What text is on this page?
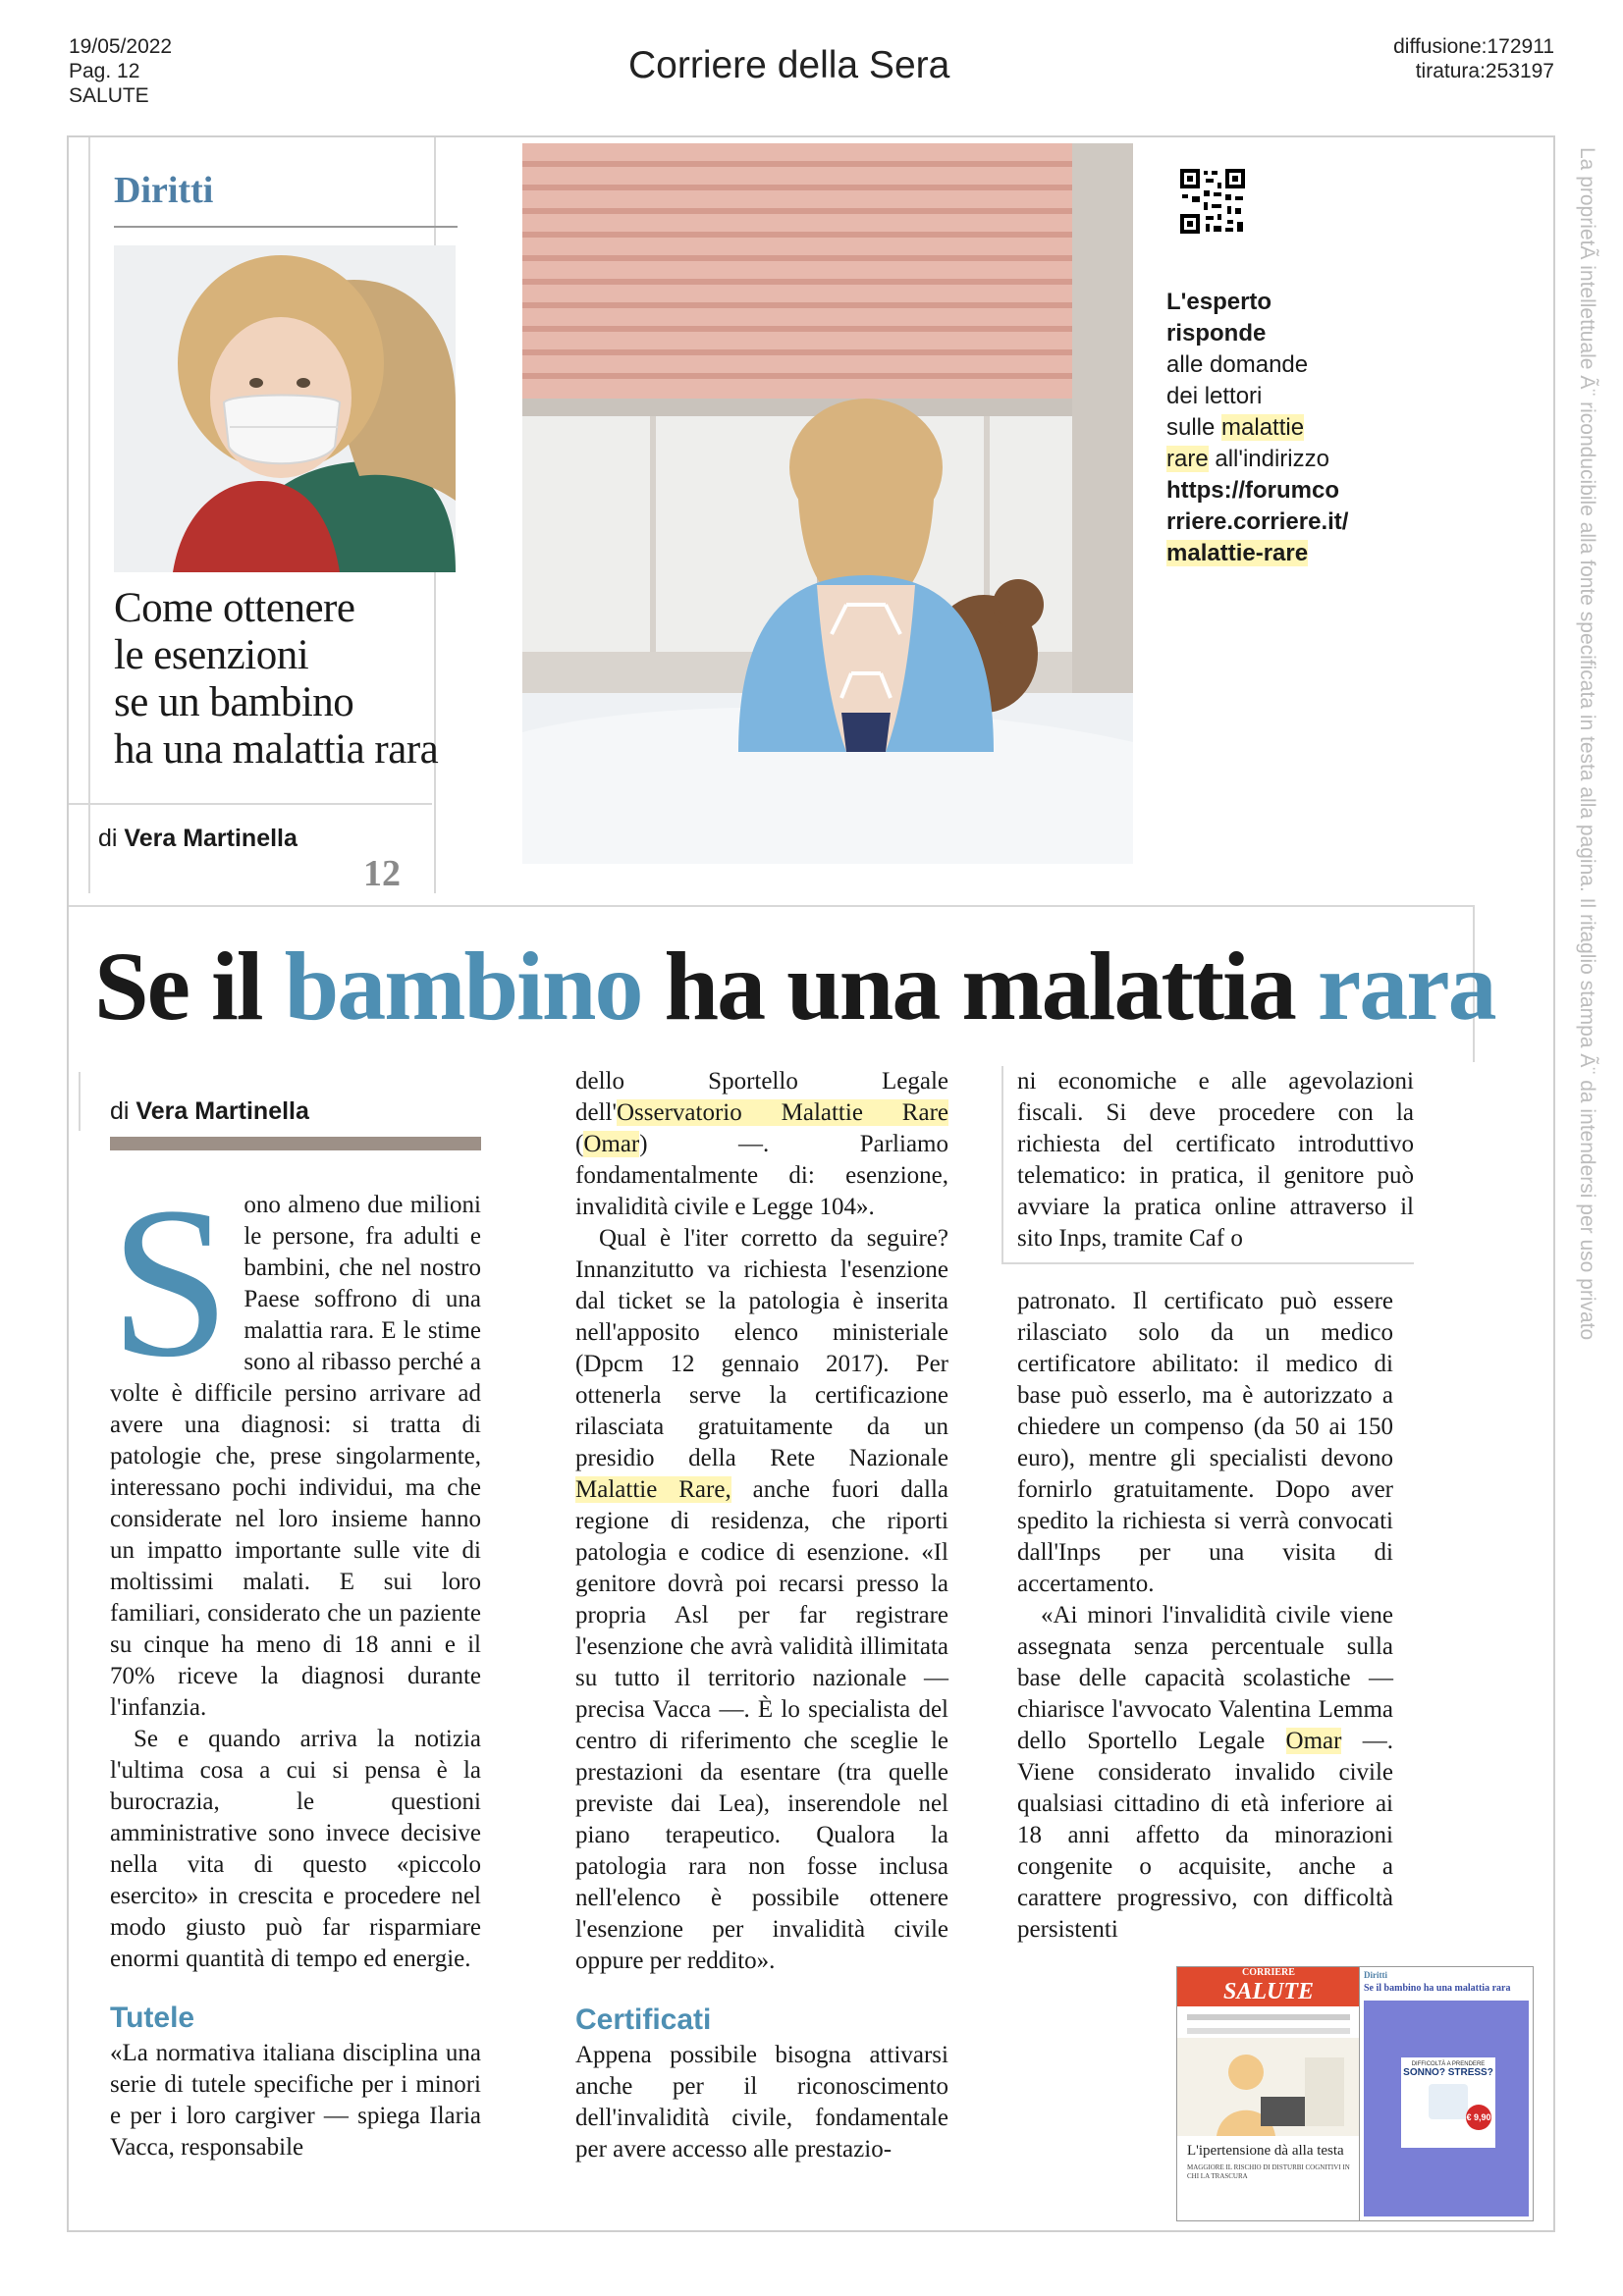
19/05/2022
Pag. 12
SALUTE
Corriere della Sera	diffusione:172911
tiratura:253197
La proprietÃ intellettuale Ã¨ riconducibile alla fonte specificata in testa alla pagina. Il ritaglio stampa Ã¨ da intendersi per uso privato
Diritti
Come ottenere
le esenzioni
se un bambino
ha una malattia rara
di Vera Martinella
12
L'esperto
risponde
alle domande
dei lettori
sulle malattie
rare all'indirizzo
https://forumco
rriere.corriere.it/
malattie-rare
Se il bambino ha una malattia rara
di Vera Martinella
S ono almeno due milioni le persone, fra adulti e bambini, che nel nostro Paese soffrono di una malattia rara. E le stime sono al ribasso perché a volte è difficile persino arrivare ad avere una diagnosi: si tratta di patologie che, prese singolarmente, interessano pochi individui, ma che considerate nel loro insieme hanno un impatto importante sulle vite di moltissimi malati. E sui loro familiari, considerato che un paziente su cinque ha meno di 18 anni e il 70% riceve la diagnosi durante l'infanzia.

Se e quando arriva la notizia l'ultima cosa a cui si pensa è la burocrazia, le questioni amministrative sono invece decisive nella vita di questo «piccolo esercito» in crescita e procedere nel modo giusto può far risparmiare enormi quantità di tempo ed energie.

Tutele

«La normativa italiana disciplina una serie di tutele specifiche per i minori e per i loro cargiver — spiega Ilaria Vacca, responsabile

dello Sportello Legale dell'Osservatorio Malattie Rare (Omar) —. Parliamo fondamentalmente di: esenzione, invalidità civile e Legge 104».

Qual è l'iter corretto da seguire? Innanzitutto va richiesta l'esenzione dal ticket se la patologia è inserita nell'apposito elenco ministeriale (Dpcm 12 gennaio 2017). Per ottenerla serve la certificazione rilasciata gratuitamente da un presidio della Rete Nazionale Malattie Rare, anche fuori dalla regione di residenza, che riporti patologia e codice di esenzione. «Il genitore dovrà poi recarsi presso la propria Asl per far registrare l'esenzione che avrà validità illimitata su tutto il territorio nazionale — precisa Vacca —. È lo specialista del centro di riferimento che sceglie le prestazioni da esentare (tra quelle previste dai Lea), inserendole nel piano terapeutico. Qualora la patologia rara non fosse inclusa nell'elenco è possibile ottenere l'esenzione per invalidità civile oppure per reddito».

Certificati

Appena possibile bisogna attivarsi anche per il riconoscimento dell'invalidità civile, fondamentale per avere accesso alle prestazio-

ni economiche e alle agevolazioni fiscali. Si deve procedere con la richiesta del certificato introduttivo telematico: in pratica, il genitore può avviare la pratica online attraverso il sito Inps, tramite Caf o

patronato. Il certificato può essere rilasciato solo da un medico certificatore abilitato: il medico di base può esserlo, ma è autorizzato a chiedere un compenso (da 50 ai 150 euro), mentre gli specialisti devono fornirlo gratuitamente. Dopo aver spedito la richiesta si verrà convocati dall'Inps per una visita di accertamento.

«Ai minori l'invalidità civile viene assegnata senza percentuale sulla base delle capacità scolastiche — chiarisce l'avvocato Valentina Lemma dello Sportello Legale Omar —. Viene considerato invalido civile qualsiasi cittadino di età inferiore ai 18 anni affetto da minorazioni congenite o acquisite, anche a carattere progressivo, con difficoltà persistenti

CORRIERE
SALUTE
L'ipertensione dà alla testa
MAGGIORE IL RISCHIO DI DISTURBI COGNITIVI IN CHI LA TRASCURA
Diritti
Se il bambino ha una malattia rara
DIFFICOLTÀ A PRENDERE
SONNO? STRESS?
€ 9,90
